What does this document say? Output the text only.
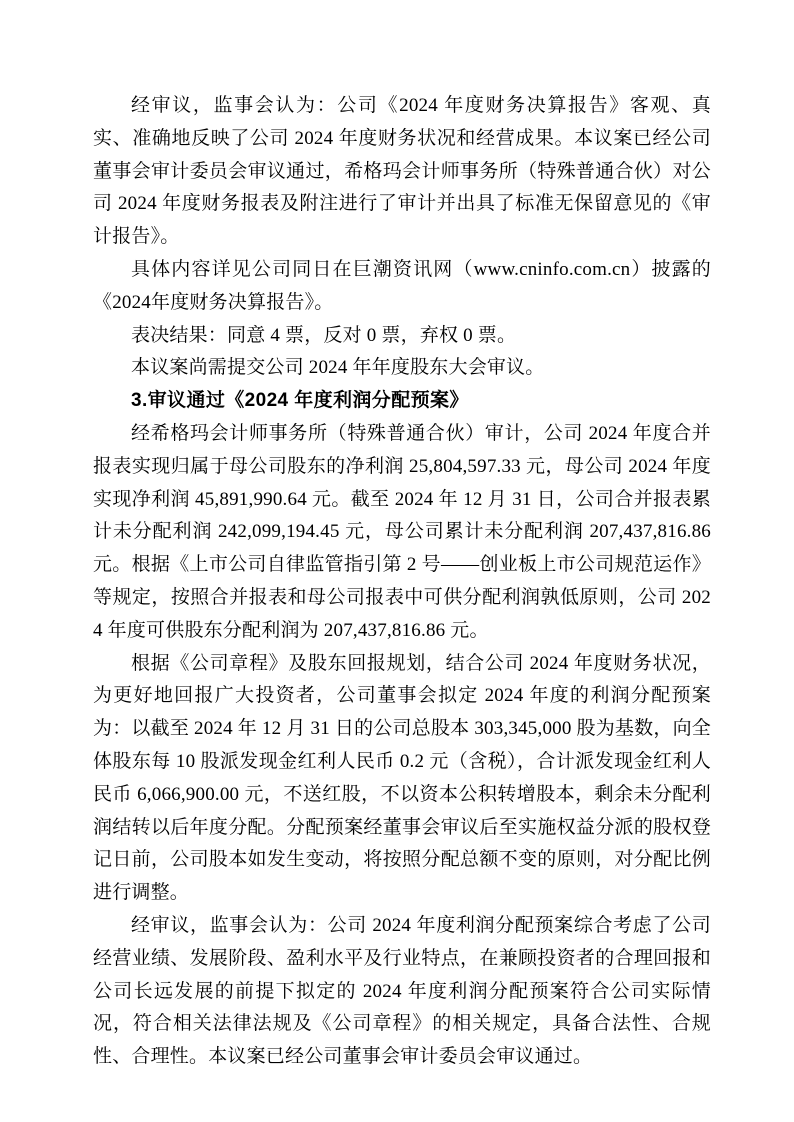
经审议，监事会认为：公司《2024 年度财务决算报告》客观、真实、准确地反映了公司 2024 年度财务状况和经营成果。本议案已经公司董事会审计委员会审议通过，希格玛会计师事务所（特殊普通合伙）对公司 2024 年度财务报表及附注进行了审计并出具了标准无保留意见的《审计报告》。

具体内容详见公司同日在巨潮资讯网（www.cninfo.com.cn）披露的《2024年度财务决算报告》。

表决结果：同意 4 票，反对 0 票，弃权 0 票。

本议案尚需提交公司 2024 年年度股东大会审议。

3.审议通过《2024 年度利润分配预案》

经希格玛会计师事务所（特殊普通合伙）审计，公司 2024 年度合并报表实现归属于母公司股东的净利润 25,804,597.33 元，母公司 2024 年度实现净利润 45,891,990.64 元。截至 2024 年 12 月 31 日，公司合并报表累计未分配利润 242,099,194.45 元，母公司累计未分配利润 207,437,816.86 元。根据《上市公司自律监管指引第 2 号——创业板上市公司规范运作》等规定，按照合并报表和母公司报表中可供分配利润孰低原则，公司 2024 年度可供股东分配利润为 207,437,816.86 元。

根据《公司章程》及股东回报规划，结合公司 2024 年度财务状况，为更好地回报广大投资者，公司董事会拟定 2024 年度的利润分配预案为：以截至 2024 年 12 月 31 日的公司总股本 303,345,000 股为基数，向全体股东每 10 股派发现金红利人民币 0.2 元（含税），合计派发现金红利人民币 6,066,900.00 元，不送红股，不以资本公积转增股本，剩余未分配利润结转以后年度分配。分配预案经董事会审议后至实施权益分派的股权登记日前，公司股本如发生变动，将按照分配总额不变的原则，对分配比例进行调整。

经审议，监事会认为：公司 2024 年度利润分配预案综合考虑了公司经营业绩、发展阶段、盈利水平及行业特点，在兼顾投资者的合理回报和公司长远发展的前提下拟定的 2024 年度利润分配预案符合公司实际情况，符合相关法律法规及《公司章程》的相关规定，具备合法性、合规性、合理性。本议案已经公司董事会审计委员会审议通过。
